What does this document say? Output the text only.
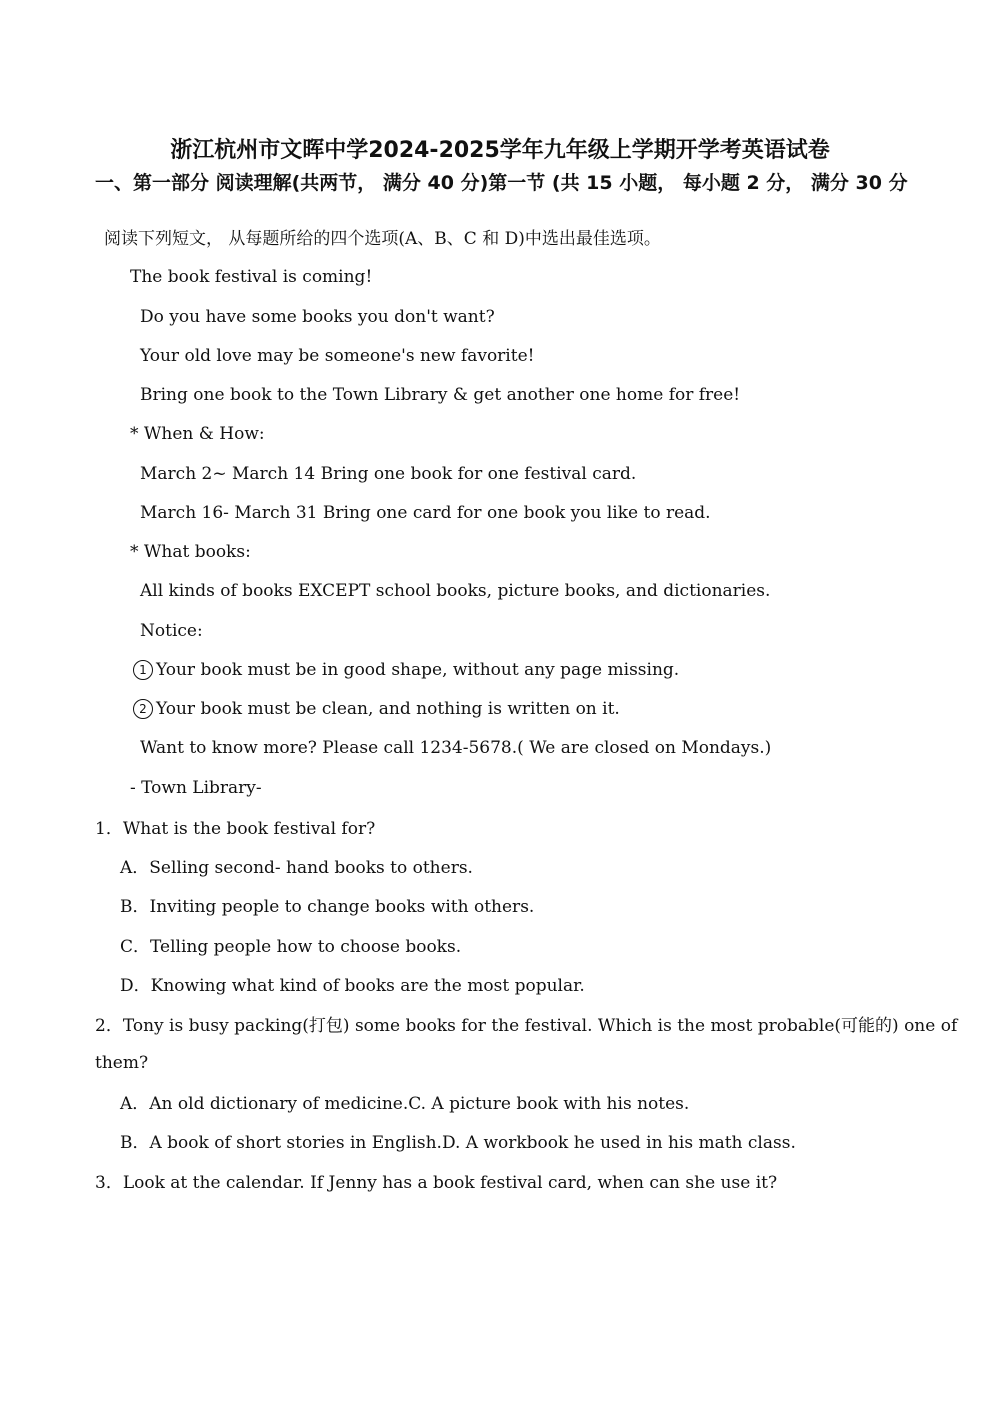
浙江杭州市文晖中学2024-2025学年九年级上学期开学考英语试卷
一、第一部分 阅读理解(共两节， 满分 40 分)第一节 (共 15 小题， 每小题 2 分， 满分 30 分
阅读下列短文， 从每题所给的四个选项(A、B、C 和 D)中选出最佳选项。
The book festival is coming!
Do you have some books you don't want?
Your old love may be someone's new favorite!
Bring one book to the Town Library & get another one home for free!
* When & How:
March 2~ March 14 Bring one book for one festival card.
March 16- March 31 Bring one card for one book you like to read.
* What books:
All kinds of books EXCEPT school books, picture books, and dictionaries.
Notice:
1 Your book must be in good shape, without any page missing.
2 Your book must be clean, and nothing is written on it.
Want to know more? Please call 1234-5678.( We are closed on Mondays.)
- Town Library-
1．What is the book festival for?
A．Selling second- hand books to others.
B．Inviting people to change books with others.
C．Telling people how to choose books.
D．Knowing what kind of books are the most popular.
2．Tony is busy packing(打包) some books for the festival. Which is the most probable(可能的) one of
them?
A．An old dictionary of medicine.C. A picture book with his notes.
B．A book of short stories in English.D. A workbook he used in his math class.
3．Look at the calendar. If Jenny has a book festival card, when can she use it?
